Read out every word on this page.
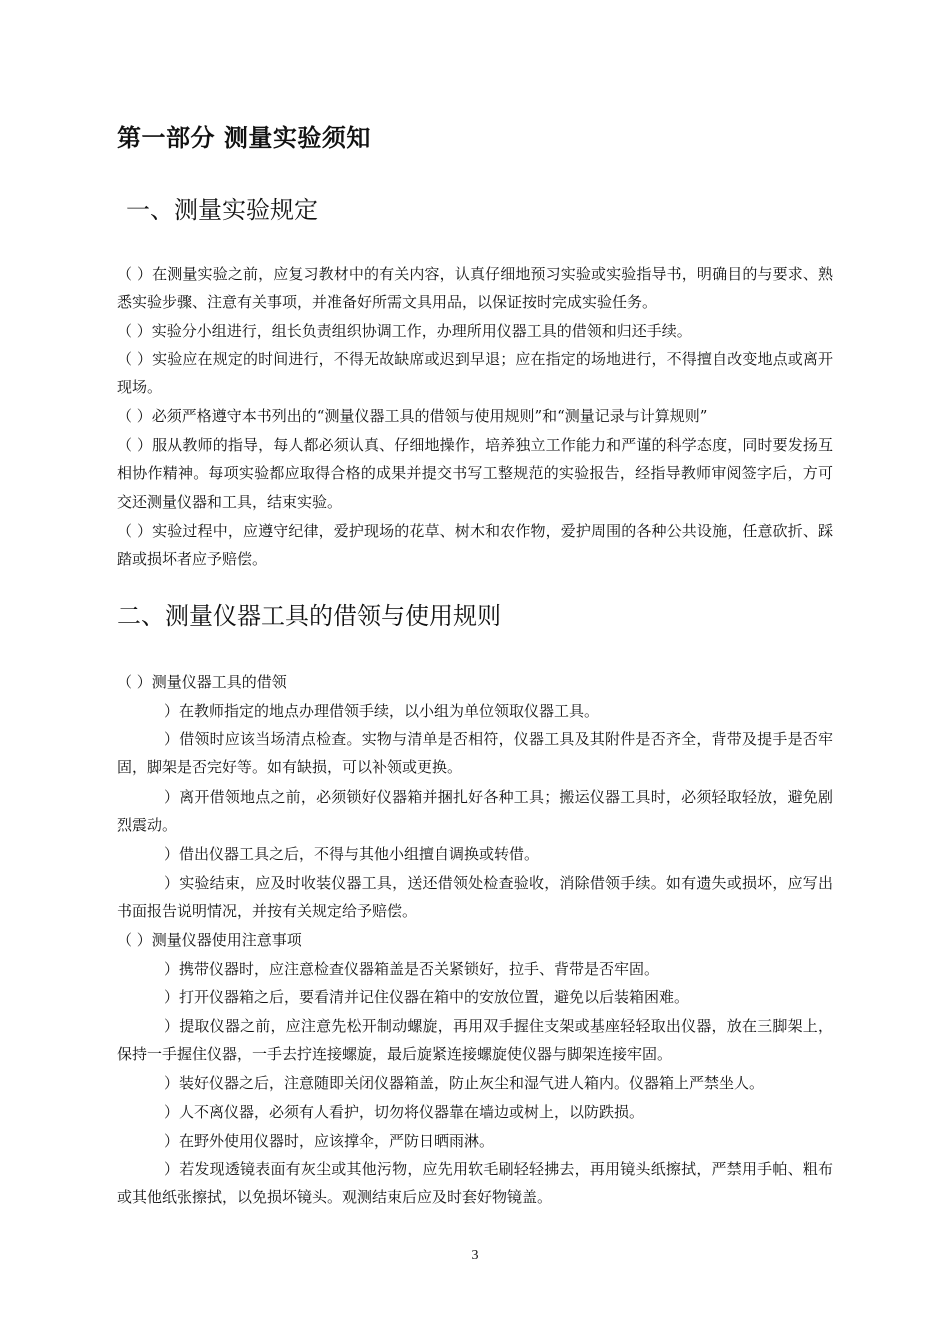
第一部分 测量实验须知
一、测量实验规定
（ ）在测量实验之前，应复习教材中的有关内容，认真仔细地预习实验或实验指导书，明确目的与要求、熟悉实验步骤、注意有关事项，并准备好所需文具用品，以保证按时完成实验任务。
（ ）实验分小组进行，组长负责组织协调工作，办理所用仪器工具的借领和归还手续。
（ ）实验应在规定的时间进行，不得无故缺席或迟到早退；应在指定的场地进行，不得擅自改变地点或离开现场。
（ ）必须严格遵守本书列出的“测量仪器工具的借领与使用规则”和“测量记录与计算规则”
（ ）服从教师的指导，每人都必须认真、仔细地操作，培养独立工作能力和严谨的科学态度，同时要发扬互相协作精神。每项实验都应取得合格的成果并提交书写工整规范的实验报告，经指导教师审阅签字后，方可交还测量仪器和工具，结束实验。
（ ）实验过程中，应遵守纪律，爱护现场的花草、树木和农作物，爱护周围的各种公共设施，任意砍折、踩踏或损坏者应予赔偿。
二、测量仪器工具的借领与使用规则
（ ）测量仪器工具的借领
）在教师指定的地点办理借领手续，以小组为单位领取仪器工具。
）借领时应该当场清点检查。实物与清单是否相符，仪器工具及其附件是否齐全，背带及提手是否牢固，脚架是否完好等。如有缺损，可以补领或更换。
）离开借领地点之前，必须锁好仪器箱并捆扎好各种工具；搬运仪器工具时，必须轻取轻放，避免剧烈震动。
）借出仪器工具之后，不得与其他小组擅自调换或转借。
）实验结束，应及时收装仪器工具，送还借领处检查验收，消除借领手续。如有遗失或损坏，应写出书面报告说明情况，并按有关规定给予赔偿。
（ ）测量仪器使用注意事项
）携带仪器时，应注意检查仪器箱盖是否关紧锁好，拉手、背带是否牢固。
）打开仪器箱之后，要看清并记住仪器在箱中的安放位置，避免以后装箱困难。
）提取仪器之前，应注意先松开制动螺旋，再用双手握住支架或基座轻轻取出仪器，放在三脚架上，保持一手握住仪器，一手去拧连接螺旋，最后旋紧连接螺旋使仪器与脚架连接牢固。
）装好仪器之后，注意随即关闭仪器箱盖，防止灰尘和湿气进人箱内。仪器箱上严禁坐人。
）人不离仪器，必须有人看护，切勿将仪器靠在墙边或树上，以防跌损。
）在野外使用仪器时，应该撑伞，严防日晒雨淋。
）若发现透镜表面有灰尘或其他污物，应先用软毛刷轻轻拂去，再用镜头纸擦拭，严禁用手帕、粗布或其他纸张擦拭，以免损坏镜头。观测结束后应及时套好物镜盖。
3
